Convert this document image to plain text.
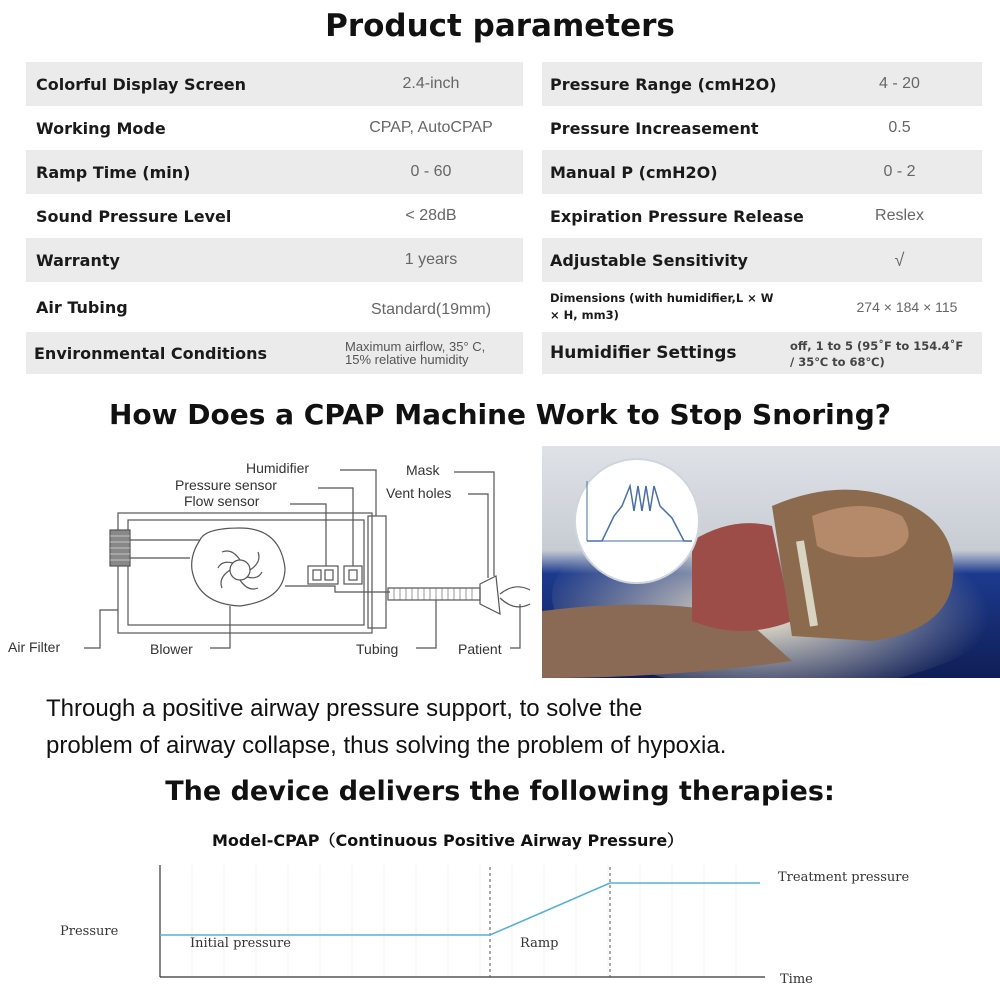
Product parameters
Colorful Display Screen	2.4-inch
Working Mode	CPAP, AutoCPAP
Ramp Time (min)	0 - 60
Sound Pressure Level	< 28dB
Warranty	1 years
Air Tubing	Standard(19mm)
Environmental Conditions	Maximum airflow, 35° C,
15% relative humidity
Pressure Range (cmH2O)	4 - 20
Pressure Increasement	0.5
Manual P (cmH2O)	0 - 2
Expiration Pressure Release	Reslex
Adjustable Sensitivity	√
Dimensions (with humidifier,L × W
× H, mm3)	274 × 184 × 115
Humidifier Settings	off, 1 to 5 (95˚F to 154.4˚F
/ 35℃ to 68℃)
How Does a CPAP Machine Work to Stop Snoring?
Humidifier
Pressure sensor
Flow sensor
Mask
Vent holes
Air Filter	Blower	Tubing	Patient
Through a positive airway pressure support, to solve the
problem of airway collapse, thus solving the problem of hypoxia.
The device delivers the following therapies:
Model-CPAP（Continuous Positive Airway Pressure）
Pressure
Time
Initial pressure	Ramp
Treatment pressure
